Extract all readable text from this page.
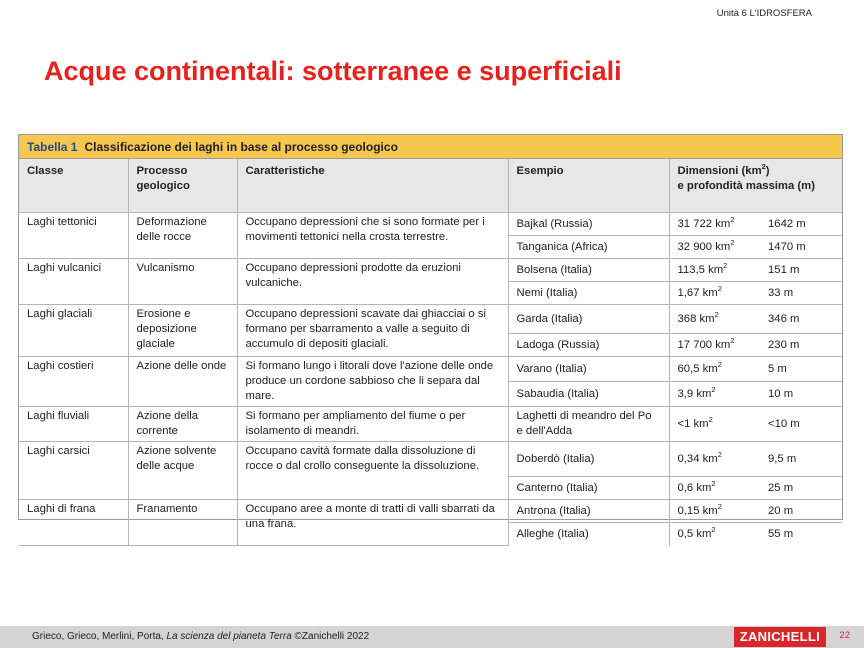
Unità 6 L'IDROSFERA
Acque continentali: sotterranee e superficiali
Tabella 1 Classificazione dei laghi in base al processo geologico
Classe	Processo geologico	Caratteristiche	Esempio	Dimensioni $(km^2)$
e profondità massima (m)	
Laghi tettonici	Deformazione delle rocce	Occupano depressioni che si sono formate per i movimenti tettonici nella crosta terrestre.	Bajkal (Russia)	31 722 $km^2$	1642 m
			Tanganica (Africa)	32 900 $km^2$	1470 m
Laghi vulcanici	Vulcanismo	Occupano depressioni prodotte da eruzioni vulcaniche.	Bolsena (Italia)	113,5 $km^2$	151 m
			Nemi (Italia)	1,67 $km^2$	33 m
Laghi glaciali	Erosione e deposizione glaciale	Occupano depressioni scavate dai ghiacciai o si formano per sbarramento a valle a seguito di accumulo di depositi glaciali.	Garda (Italia)	368 $km^2$	346 m
			Ladoga (Russia)	17 700 $km^2$	230 m
Laghi costieri	Azione delle onde	Si formano lungo i litorali dove l'azione delle onde produce un cordone sabbioso che li separa dal mare.	Varano (Italia)	60,5 $km^2$	5 m
			Sabaudia (Italia)	3,9 $km^2$	10 m
Laghi fluviali	Azione della corrente	Si formano per ampliamento del fiume o per isolamento di meandri.	Laghetti di meandro del Po e dell'Adda	<1 $km^2$	<10 m
Laghi carsici	Azione solvente delle acque	Occupano cavità formate dalla dissoluzione di rocce o dal crollo conseguente la dissoluzione.	Doberdò (Italia)	0,34 $km^2$	9,5 m
			Canterno (Italia)	0,6 $km^2$	25 m
Laghi di frana	Franamento	Occupano aree a monte di tratti di valli sbarrati da una frana.	Antrona (Italia)	0,15 $km^2$	20 m
			Alleghe (Italia)	0,5 $km^2$	55 m
Grieco, Grieco, Merlini, Porta, La scienza del pianeta Terra ©Zanichelli 2022	ZANICHELLI	22
